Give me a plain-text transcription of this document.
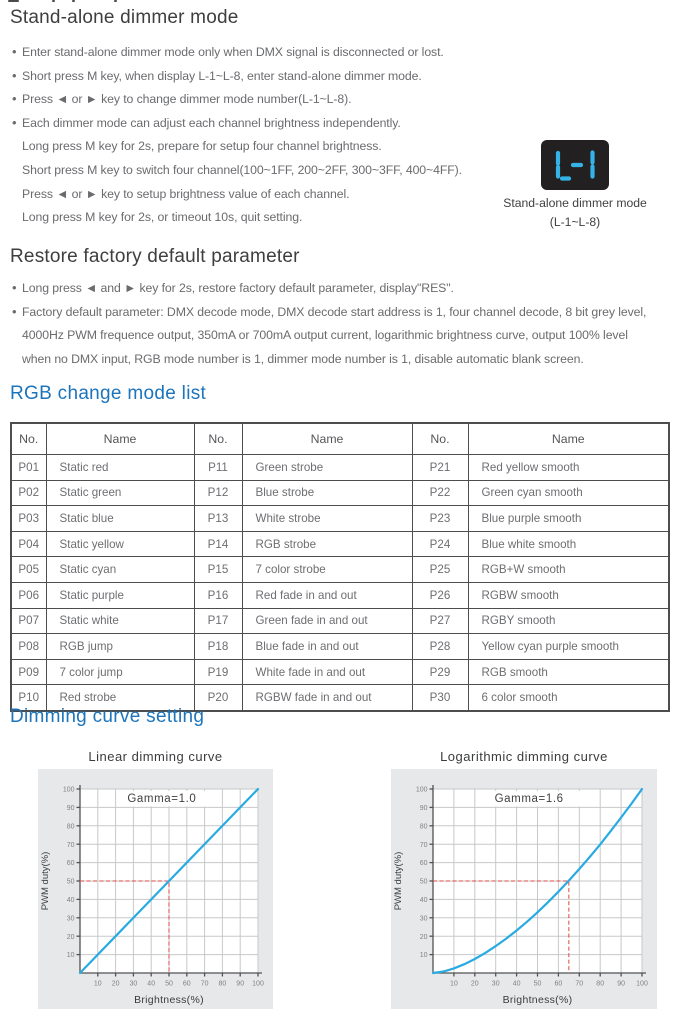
Stand-alone dimmer mode
• Enter stand-alone dimmer mode only when DMX signal is disconnected or lost.
• Short press M key, when display L-1~L-8, enter stand-alone dimmer mode.
• Press ◄ or ► key to change dimmer mode number(L-1~L-8).
• Each dimmer mode can adjust each channel brightness independently.
Long press M key for 2s, prepare for setup four channel brightness.
Short press M key to switch four channel(100~1FF, 200~2FF, 300~3FF, 400~4FF).
Press ◄ or ► key to setup brightness value of each channel.
Long press M key for 2s, or timeout 10s, quit setting.
Stand-alone dimmer mode
(L-1~L-8)
Restore factory default parameter
• Long press ◄ and ► key for 2s, restore factory default parameter, display"RES".
• Factory default parameter: DMX decode mode, DMX decode start address is 1, four channel decode, 8 bit grey level,
4000Hz PWM frequence output, 350mA or 700mA output current, logarithmic brightness curve, output 100% level
when no DMX input, RGB mode number is 1, dimmer mode number is 1, disable automatic blank screen.
RGB change mode list
No.	Name	No.	Name	No.	Name
P01	Static red	P11	Green strobe	P21	Red yellow smooth
P02	Static green	P12	Blue strobe	P22	Green cyan smooth
P03	Static blue	P13	White strobe	P23	Blue purple smooth
P04	Static yellow	P14	RGB strobe	P24	Blue white smooth
P05	Static cyan	P15	7 color strobe	P25	RGB+W smooth
P06	Static purple	P16	Red fade in and out	P26	RGBW smooth
P07	Static white	P17	Green fade in and out	P27	RGBY smooth
P08	RGB jump	P18	Blue fade in and out	P28	Yellow cyan purple smooth
P09	7 color jump	P19	White fade in and out	P29	RGB smooth
P10	Red strobe	P20	RGBW fade in and out	P30	6 color smooth
Dimming curve setting
Linear dimming curve
10 20 30 40 50 60 70 80 90 100
10
20
30
40
50
60
70
80
90
100
Gamma=1.0
Brightness(%)
PWM duty(%)
Logarithmic dimming curve
10 20 30 40 50 60 70 80 90 100
10
20
30
40
50
60
70
80
90
100
Gamma=1.6
Brightness(%)
PWM duty(%)
